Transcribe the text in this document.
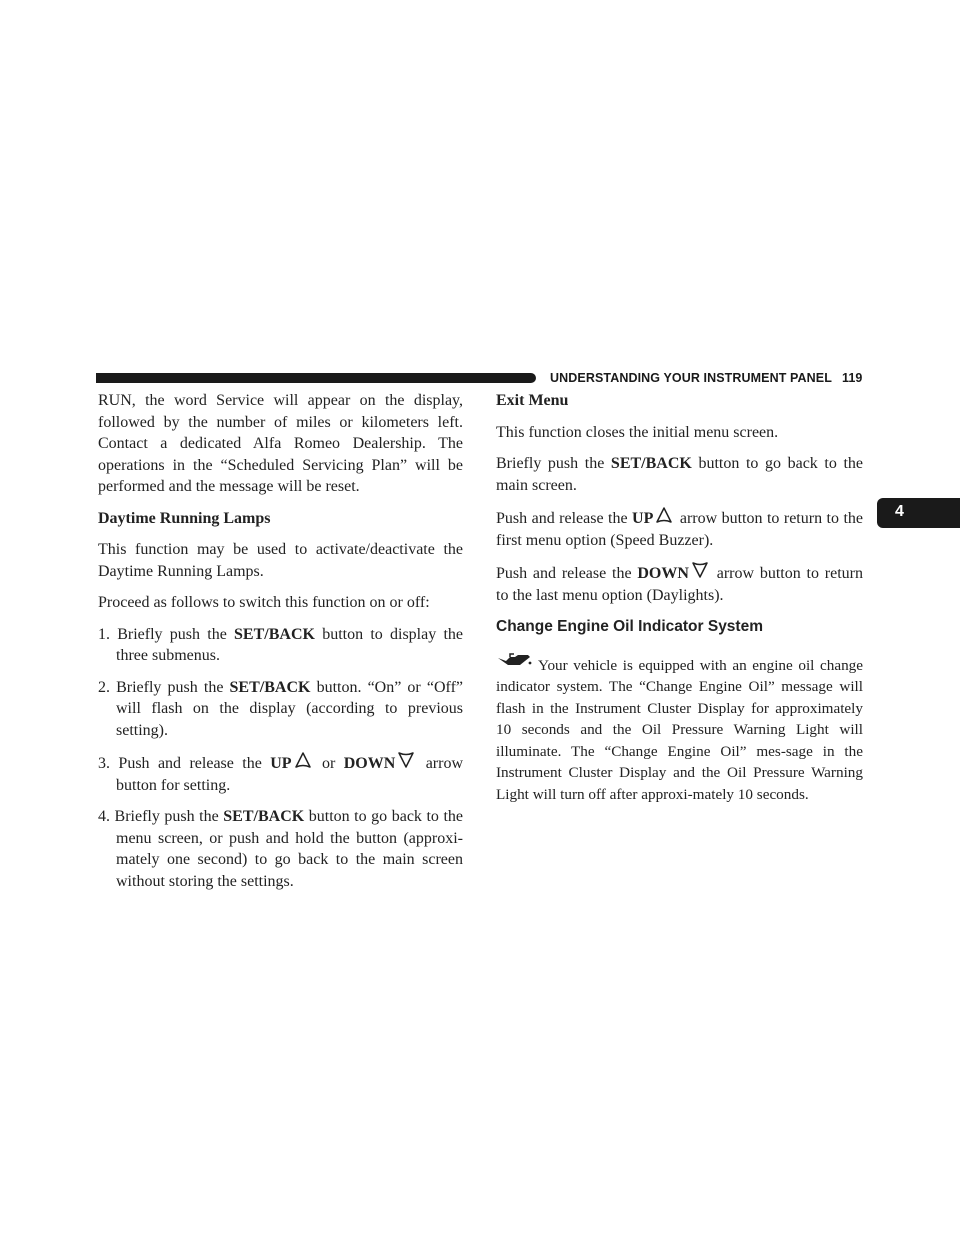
UNDERSTANDING YOUR INSTRUMENT PANEL 119
4

RUN, the word Service will appear on the display, followed by the number of miles or kilometers left. Contact a dedicated Alfa Romeo Dealership. The operations in the “Scheduled Servicing Plan” will be performed and the message will be reset.

Daytime Running Lamps

This function may be used to activate/deactivate the Daytime Running Lamps.

Proceed as follows to switch this function on or off:

1. Briefly push the SET/BACK button to display the three submenus.
2. Briefly push the SET/BACK button. “On” or “Off” will flash on the display (according to previous setting).
3. Push and release the UP or DOWN arrow button for setting.
4. Briefly push the SET/BACK button to go back to the menu screen, or push and hold the button (approxi-mately one second) to go back to the main screen without storing the settings.
Exit Menu

This function closes the initial menu screen.

Briefly push the SET/BACK button to go back to the main screen.

Push and release the UP arrow button to return to the first menu option (Speed Buzzer).

Push and release the DOWN arrow button to return to the last menu option (Daylights).

Change Engine Oil Indicator System

Your vehicle is equipped with an engine oil change indicator system. The “Change Engine Oil” message will flash in the Instrument Cluster Display for approximately 10 seconds and the Oil Pressure Warning Light will illuminate. The “Change Engine Oil” mes-sage in the Instrument Cluster Display and the Oil Pressure Warning Light will turn off after approxi-mately 10 seconds.
